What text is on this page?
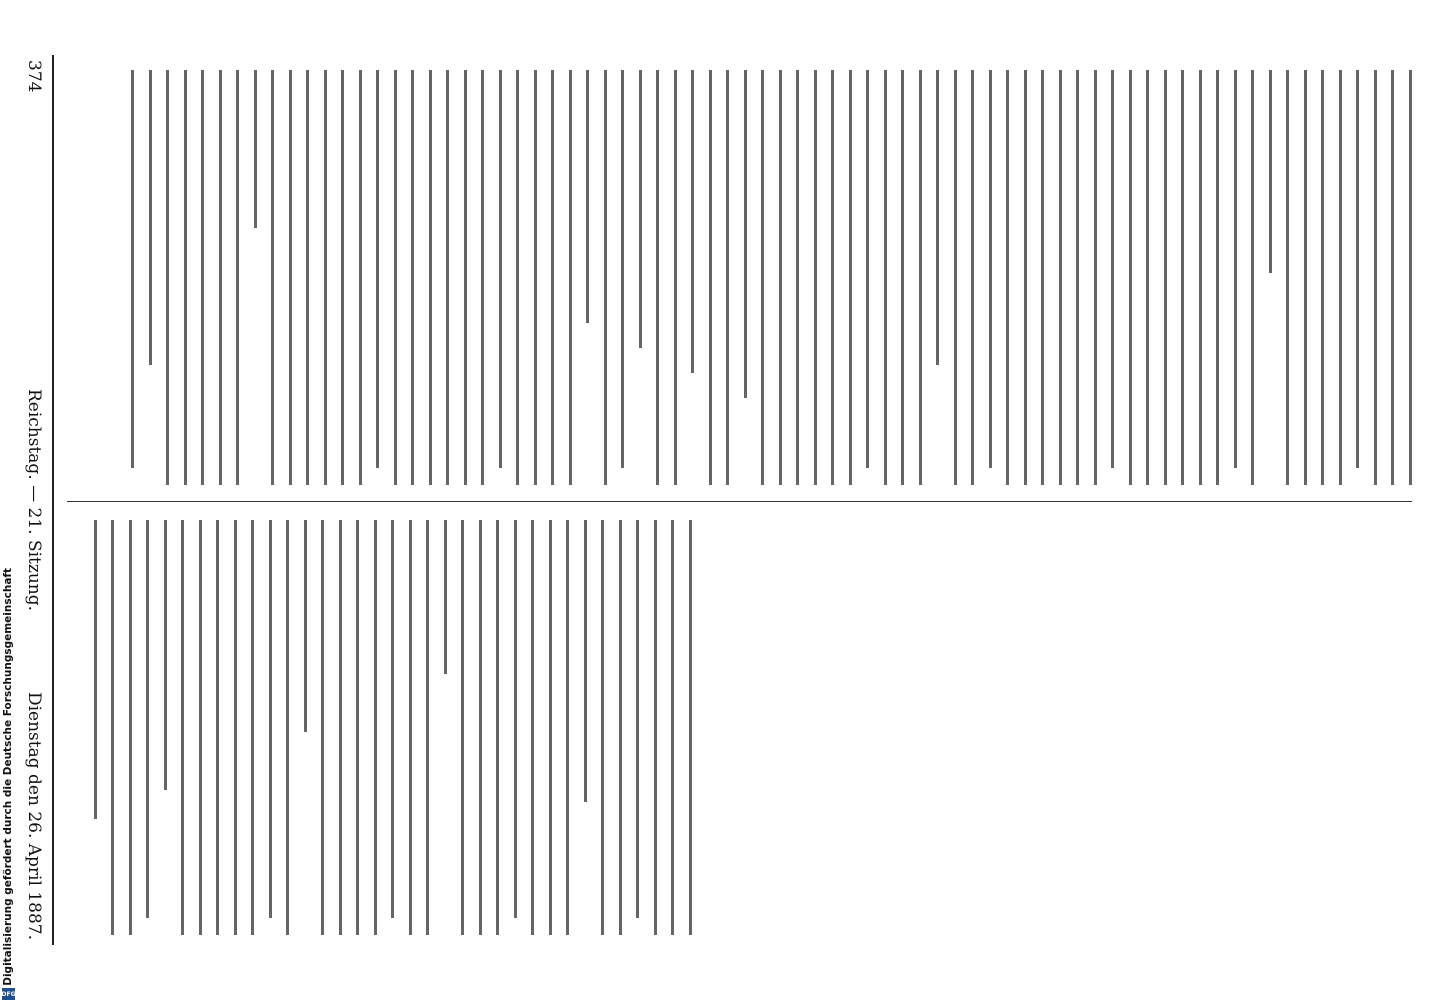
374
Reichstag. — 21. Sitzung.
Dienstag den 26. April 1887.
Digitalisierung gefördert durch die Deutsche Forschungsgemeinschaft
DFG
